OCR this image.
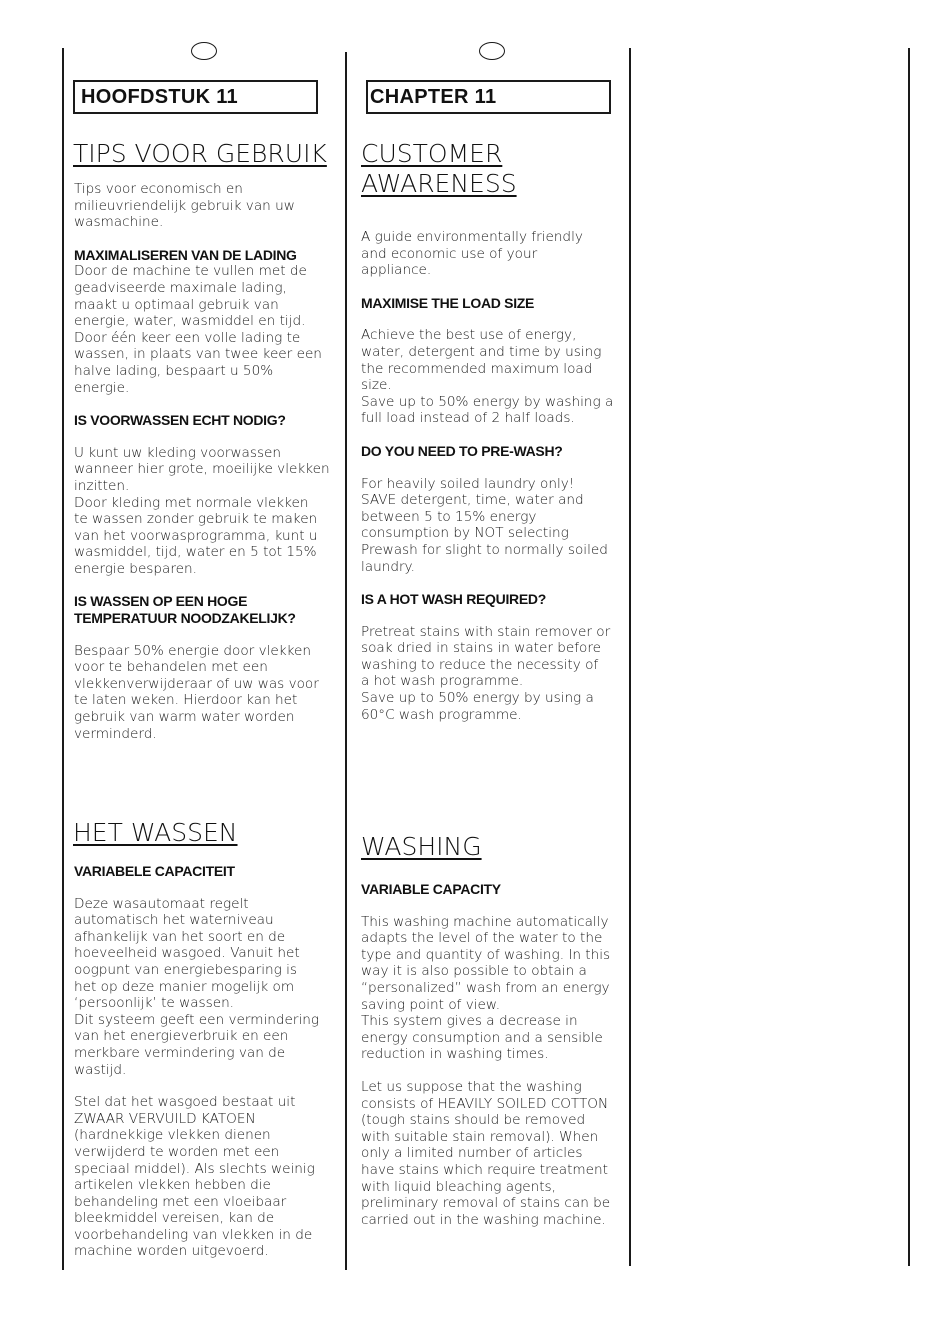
HOOFDSTUK 11	CHAPTER 11
TIPS VOOR GEBRUIK

Tips voor economisch en
milieuvriendelijk gebruik van uw
wasmachine.

MAXIMALISEREN VAN DE LADING

Door de machine te vullen met de
geadviseerde maximale lading,
maakt u optimaal gebruik van
energie, water, wasmiddel en tijd.
Door één keer een volle lading te
wassen, in plaats van twee keer een
halve lading, bespaart u 50%
energie.

IS VOORWASSEN ECHT NODIG?

U kunt uw kleding voorwassen
wanneer hier grote, moeilijke vlekken
inzitten.
Door kleding met normale vlekken
te wassen zonder gebruik te maken
van het voorwasprogramma, kunt u
wasmiddel, tijd, water en 5 tot 15%
energie besparen.

IS WASSEN OP EEN HOGE
TEMPERATUUR NOODZAKELIJK?

Bespaar 50% energie door vlekken
voor te behandelen met een
vlekkenverwijderaar of uw was voor
te laten weken. Hierdoor kan het
gebruik van warm water worden
verminderd.

HET WASSEN

VARIABELE CAPACITEIT

Deze wasautomaat regelt
automatisch het waterniveau
afhankelijk van het soort en de
hoeveelheid wasgoed. Vanuit het
oogpunt van energiebesparing is
het op deze manier mogelijk om
‘persoonlijk’ te wassen.
Dit systeem geeft een vermindering
van het energieverbruik en een
merkbare vermindering van de
wastijd.

Stel dat het wasgoed bestaat uit
ZWAAR VERVUILD KATOEN
(hardnekkige vlekken dienen
verwijderd te worden met een
speciaal middel). Als slechts weinig
artikelen vlekken hebben die
behandeling met een vloeibaar
bleekmiddel vereisen, kan de
voorbehandeling van vlekken in de
machine worden uitgevoerd.

CUSTOMER
AWARENESS

A guide environmentally friendly
and economic use of your
appliance.

MAXIMISE THE LOAD SIZE

Achieve the best use of energy,
water, detergent and time by using
the recommended maximum load
size.
Save up to 50% energy by washing a
full load instead of 2 half loads.

DO YOU NEED TO PRE-WASH?

For heavily soiled laundry only!
SAVE detergent, time, water and
between 5 to 15% energy
consumption by NOT selecting
Prewash for slight to normally soiled
laundry.

IS A HOT WASH REQUIRED?

Pretreat stains with stain remover or
soak dried in stains in water before
washing to reduce the necessity of
a hot wash programme.
Save up to 50% energy by using a
60°C wash programme.

WASHING

VARIABLE CAPACITY

This washing machine automatically
adapts the level of the water to the
type and quantity of washing. In this
way it is also possible to obtain a
“personalized” wash from an energy
saving point of view.
This system gives a decrease in
energy consumption and a sensible
reduction in washing times.

Let us suppose that the washing
consists of HEAVILY SOILED COTTON
(tough stains should be removed
with suitable stain removal). When
only a limited number of articles
have stains which require treatment
with liquid bleaching agents,
preliminary removal of stains can be
carried out in the washing machine.
